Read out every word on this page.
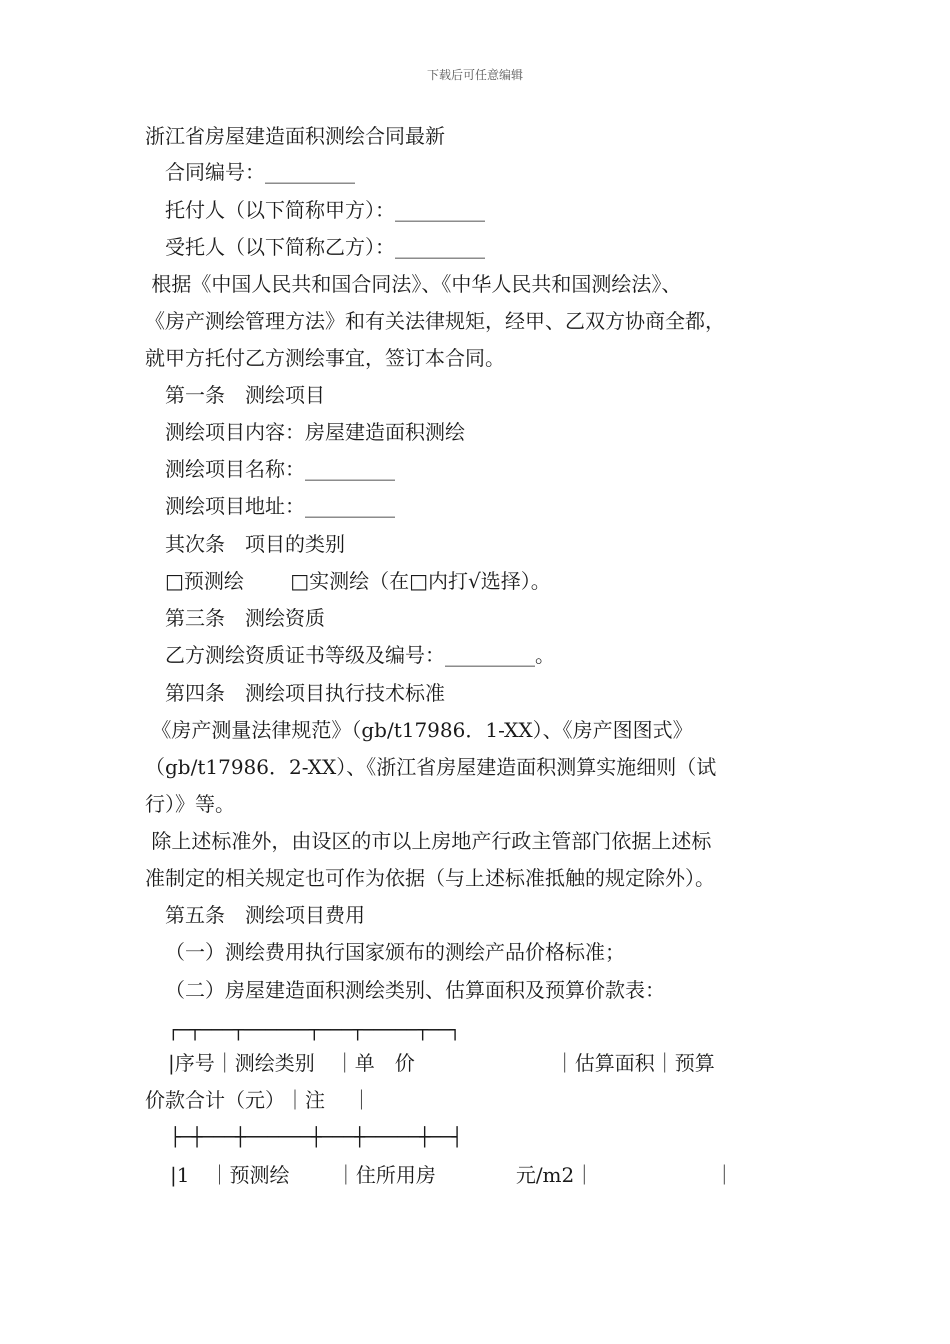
下载后可任意编辑
浙江省房屋建造面积测绘合同最新
合同编号：_________
托付人（以下简称甲方）：_________
受托人（以下简称乙方）：_________
根据《中国人民共和国合同法》、《中华人民共和国测绘法》、
《房产测绘管理方法》和有关法律规矩，经甲、乙双方协商全都，
就甲方托付乙方测绘事宜，签订本合同。
第一条　测绘项目
测绘项目内容：房屋建造面积测绘
测绘项目名称：_________
测绘项目地址：_________
其次条　项目的类别
□预测绘　　 □实测绘（在□内打√选择）。
第三条　测绘资质
乙方测绘资质证书等级及编号：_________。
第四条　测绘项目执行技术标准
《房产测量法律规范》（gb/t17986．1-XX）、《房产图图式》
（gb/t17986．2-XX）、《浙江省房屋建造面积测算实施细则（试
行）》等。
除上述标准外，由设区的市以上房地产行政主管部门依据上述标
准制定的相关规定也可作为依据（与上述标准抵触的规定除外）。
第五条　测绘项目费用
（一）测绘费用执行国家颁布的测绘产品价格标准；
（二）房屋建造面积测绘类别、估算面积及预算价款表：
┌─┬───┬──────┬───┬─────┬──┐
|序号｜测绘类别　｜单　价　　　　　　　｜估算面积｜预算
价款合计（元）｜注　 ｜
├─┼───┼──────┼───┼─────┼──┤
|1　｜预测绘　　 ｜住所用房　　　　元/m2｜　　　　　　｜
